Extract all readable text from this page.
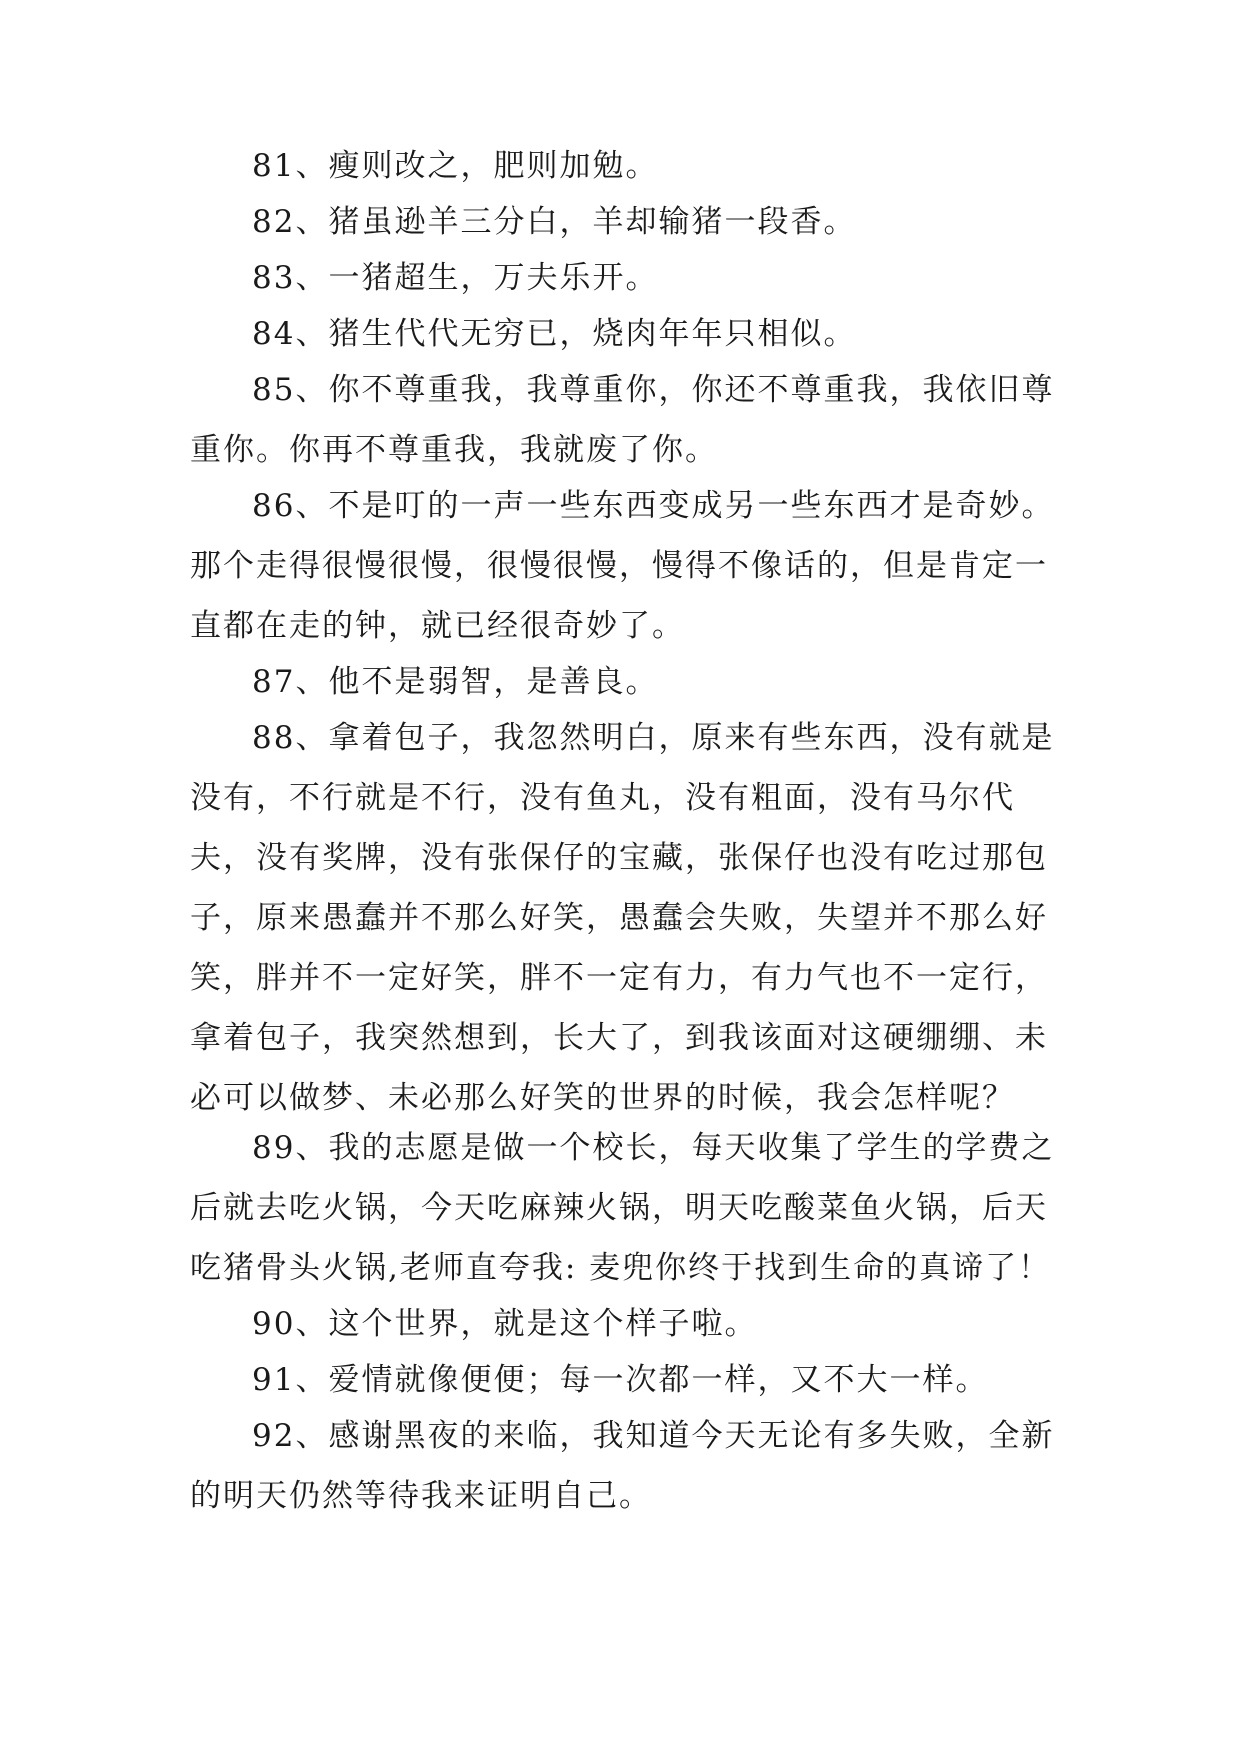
81、瘦则改之，肥则加勉。

82、猪虽逊羊三分白，羊却输猪一段香。

83、一猪超生，万夫乐开。

84、猪生代代无穷已，烧肉年年只相似。

85、你不尊重我，我尊重你，你还不尊重我，我依旧尊重你。你再不尊重我，我就废了你。

86、不是叮的一声一些东西变成另一些东西才是奇妙。那个走得很慢很慢，很慢很慢，慢得不像话的，但是肯定一直都在走的钟，就已经很奇妙了。

87、他不是弱智，是善良。

88、拿着包子，我忽然明白，原来有些东西，没有就是没有，不行就是不行，没有鱼丸，没有粗面，没有马尔代夫，没有奖牌，没有张保仔的宝藏，张保仔也没有吃过那包子，原来愚蠢并不那么好笑，愚蠢会失败，失望并不那么好笑，胖并不一定好笑，胖不一定有力，有力气也不一定行，拿着包子，我突然想到，长大了，到我该面对这硬绷绷、未必可以做梦、未必那么好笑的世界的时候，我会怎样呢？

89、我的志愿是做一个校长，每天收集了学生的学费之后就去吃火锅，今天吃麻辣火锅，明天吃酸菜鱼火锅，后天吃猪骨头火锅,老师直夸我: 麦兜你终于找到生命的真谛了！

90、这个世界，就是这个样子啦。

91、爱情就像便便；每一次都一样，又不大一样。

92、感谢黑夜的来临，我知道今天无论有多失败，全新的明天仍然等待我来证明自己。
